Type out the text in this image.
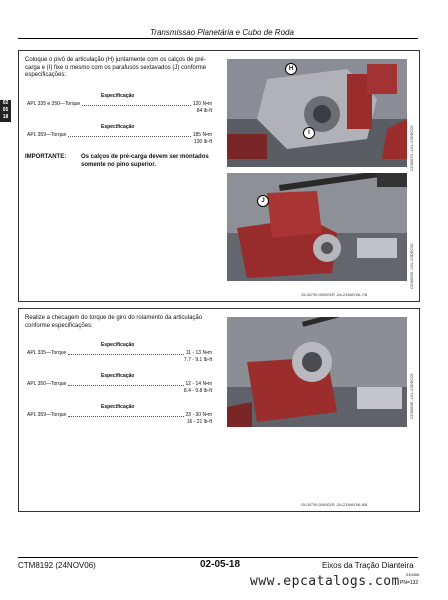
Transmissao Planetária e Cubo de Roda
02
05
18
Coloque o pivô de articulação (H) juntamente com os calços de pré-carga e (I) fixe o mesmo com os parafusos sextavados (J) conforme especificações:
Especificação
APL 335 e 350—Torque	120 N•m
84 lb-ft
Especificação
APL 359—Torque	185 N•m
130 lb-ft
IMPORTANTE:	Os calços de pré-carga devem ser montados somente no pino superior.
H
I	CD30670 –UN–23DEC05
J
CD30669 –UN–23DEC05
GL04739,000001R -54-21MAY06-7/8
Realize a checagem do torque de giro do rolamento da articulação conforme especificações:
Especificação
APL 335—Torque	11 - 13 N•m
7.7 - 9.1 lb-ft
Especificação
APL 350—Torque	12 - 14 N•m
8.4 - 9.8 lb-ft
Especificação
APL 359—Torque	23 - 30 N•m
16 - 21 lb-ft
CD30668 –UN–23DEC05
GL04739,000001R -54-21MAY06-8/8
CTM8192 (24NOV06)	02-05-18	Eixos da Tração Dianteira
010406
PN=132
www.epcatalogs.com
